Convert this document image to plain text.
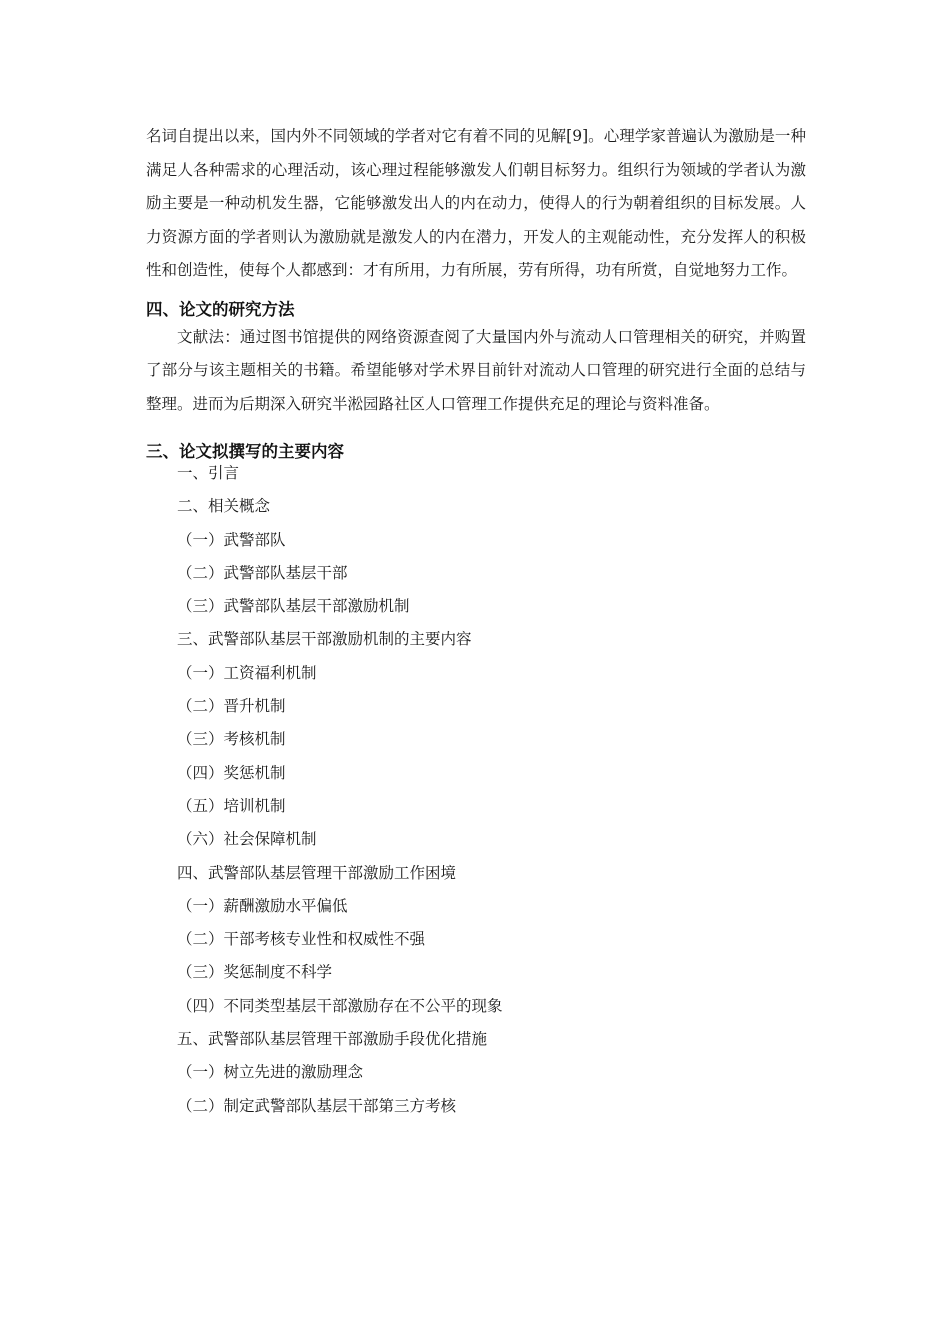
名词自提出以来，国内外不同领域的学者对它有着不同的见解[9]。心理学家普遍认为激励是一种满足人各种需求的心理活动，该心理过程能够激发人们朝目标努力。组织行为领域的学者认为激励主要是一种动机发生器，它能够激发出人的内在动力，使得人的行为朝着组织的目标发展。人力资源方面的学者则认为激励就是激发人的内在潜力，开发人的主观能动性，充分发挥人的积极性和创造性，使每个人都感到：才有所用，力有所展，劳有所得，功有所赏，自觉地努力工作。

四、论文的研究方法

文献法：通过图书馆提供的网络资源查阅了大量国内外与流动人口管理相关的研究，并购置了部分与该主题相关的书籍。希望能够对学术界目前针对流动人口管理的研究进行全面的总结与整理。进而为后期深入研究半淞园路社区人口管理工作提供充足的理论与资料准备。

三、论文拟撰写的主要内容
一、引言
二、相关概念
（一）武警部队
（二）武警部队基层干部
（三）武警部队基层干部激励机制
三、武警部队基层干部激励机制的主要内容
（一）工资福利机制
（二）晋升机制
（三）考核机制
（四）奖惩机制
（五）培训机制
（六）社会保障机制
四、武警部队基层管理干部激励工作困境
（一）薪酬激励水平偏低
（二）干部考核专业性和权威性不强
（三）奖惩制度不科学
（四）不同类型基层干部激励存在不公平的现象
五、武警部队基层管理干部激励手段优化措施
（一）树立先进的激励理念
（二）制定武警部队基层干部第三方考核
